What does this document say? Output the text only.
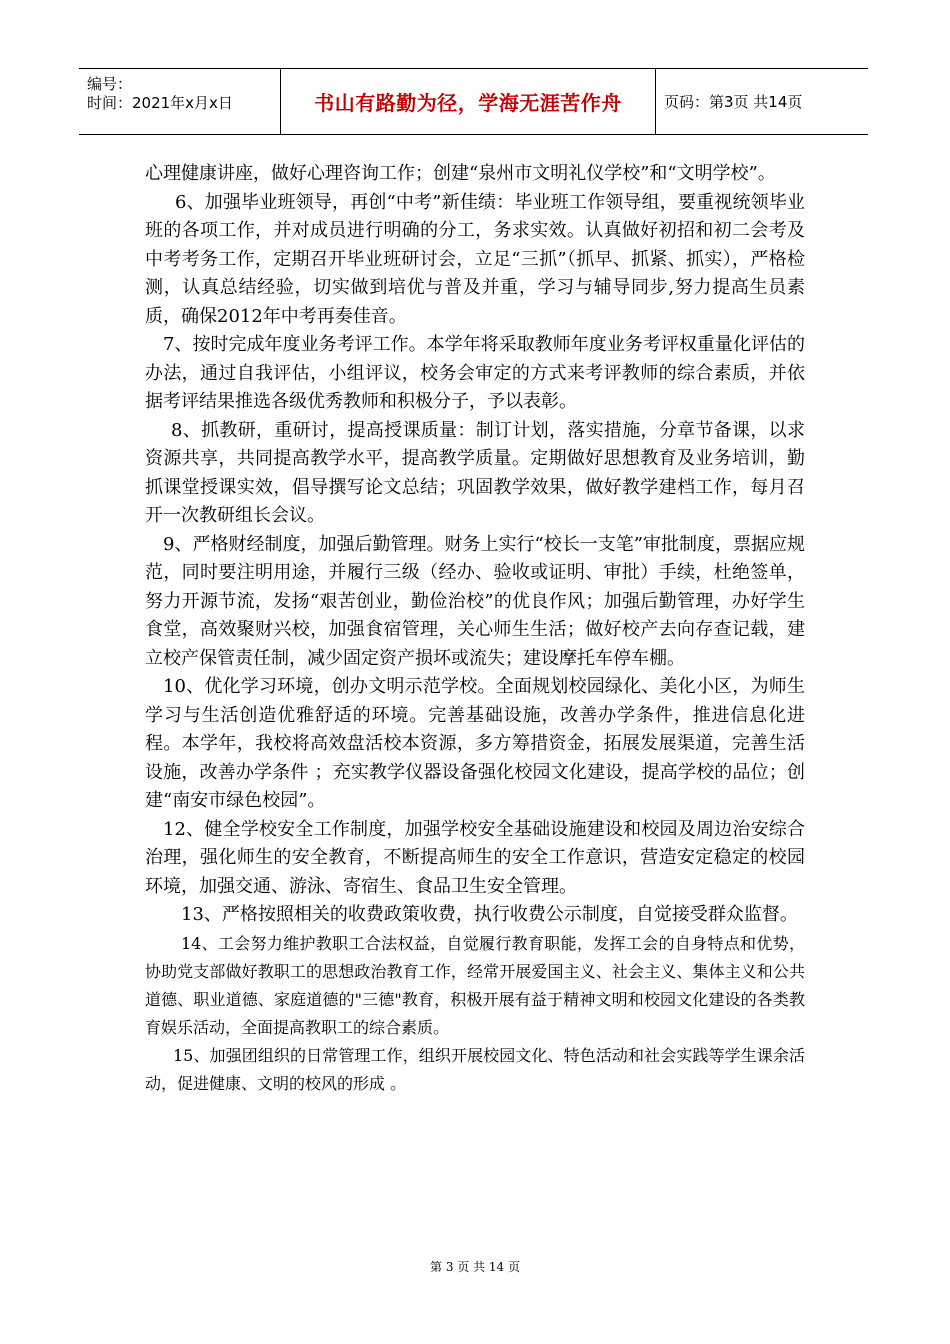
编号：
时间：2021年x月x日	书山有路勤为径，学海无涯苦作舟	页码：第3页 共14页

心理健康讲座，做好心理咨询工作；创建“泉州市文明礼仪学校”和“文明学校”。

6、加强毕业班领导，再创“中考”新佳绩：毕业班工作领导组，要重视统领毕业班的各项工作，并对成员进行明确的分工，务求实效。认真做好初招和初二会考及中考考务工作，定期召开毕业班研讨会，立足“三抓”（抓早、抓紧、抓实），严格检测，认真总结经验，切实做到培优与普及并重，学习与辅导同步,努力提高生员素质，确保2012年中考再奏佳音。

7、按时完成年度业务考评工作。本学年将采取教师年度业务考评权重量化评估的办法，通过自我评估，小组评议，校务会审定的方式来考评教师的综合素质，并依据考评结果推选各级优秀教师和积极分子，予以表彰。

8、抓教研，重研讨，提高授课质量：制订计划，落实措施，分章节备课，以求资源共享，共同提高教学水平，提高教学质量。定期做好思想教育及业务培训，勤抓课堂授课实效，倡导撰写论文总结；巩固教学效果，做好教学建档工作，每月召开一次教研组长会议。

9、严格财经制度，加强后勤管理。财务上实行“校长一支笔”审批制度，票据应规范，同时要注明用途，并履行三级（经办、验收或证明、审批）手续，杜绝签单，努力开源节流，发扬“艰苦创业，勤俭治校”的优良作风；加强后勤管理，办好学生食堂，高效聚财兴校，加强食宿管理，关心师生生活；做好校产去向存查记载，建立校产保管责任制，减少固定资产损坏或流失；建设摩托车停车棚。

10、优化学习环境，创办文明示范学校。全面规划校园绿化、美化小区，为师生学习与生活创造优雅舒适的环境。完善基础设施，改善办学条件，推进信息化进程。本学年，我校将高效盘活校本资源，多方筹措资金，拓展发展渠道，完善生活设施，改善办学条件 ；充实教学仪器设备强化校园文化建设，提高学校的品位；创建“南安市绿色校园”。

12、健全学校安全工作制度，加强学校安全基础设施建设和校园及周边治安综合治理，强化师生的安全教育，不断提高师生的安全工作意识，营造安定稳定的校园环境，加强交通、游泳、寄宿生、食品卫生安全管理。

13、严格按照相关的收费政策收费，执行收费公示制度，自觉接受群众监督。

14、工会努力维护教职工合法权益，自觉履行教育职能，发挥工会的自身特点和优势，协助党支部做好教职工的思想政治教育工作，经常开展爱国主义、社会主义、集体主义和公共道德、职业道德、家庭道德的"三德"教育，积极开展有益于精神文明和校园文化建设的各类教育娱乐活动，全面提高教职工的综合素质。

15、加强团组织的日常管理工作，组织开展校园文化、特色活动和社会实践等学生课余活动，促进健康、文明的校风的形成 。

第 3 页 共 14 页
